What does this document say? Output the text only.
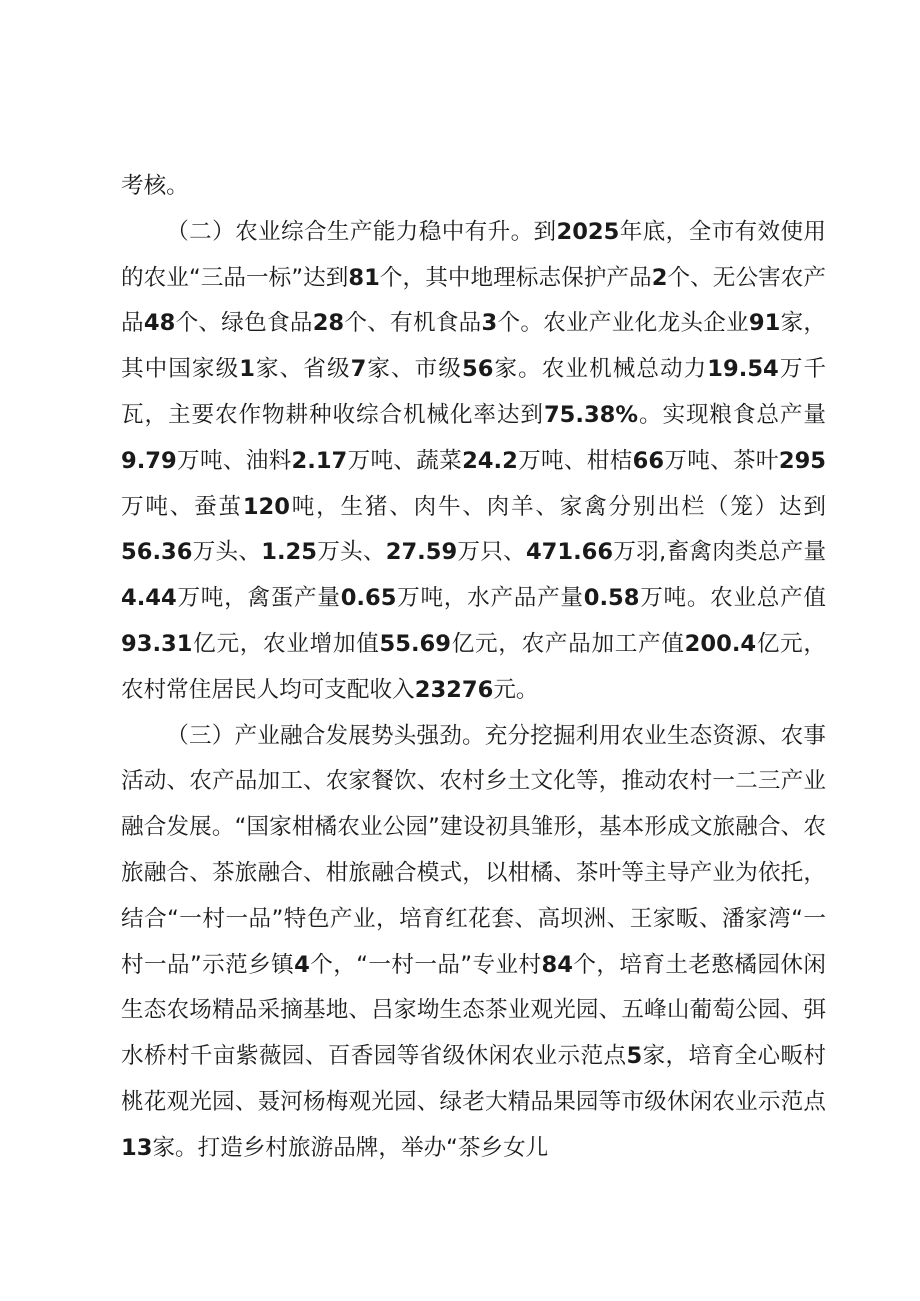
考核。

（二）农业综合生产能力稳中有升。到2025年底，全市有效使用的农业“三品一标”达到81个，其中地理标志保护产品2个、无公害农产品48个、绿色食品28个、有机食品3个。农业产业化龙头企业91家，其中国家级1家、省级7家、市级56家。农业机械总动力19.54万千瓦，主要农作物耕种收综合机械化率达到75.38%。实现粮食总产量9.79万吨、油料2.17万吨、蔬菜24.2万吨、柑桔66万吨、茶叶295万吨、蚕茧120吨，生猪、肉牛、肉羊、家禽分别出栏（笼）达到56.36万头、1.25万头、27.59万只、471.66万羽,畜禽肉类总产量4.44万吨，禽蛋产量0.65万吨，水产品产量0.58万吨。农业总产值93.31亿元，农业增加值55.69亿元，农产品加工产值200.4亿元，农村常住居民人均可支配收入23276元。

（三）产业融合发展势头强劲。充分挖掘利用农业生态资源、农事活动、农产品加工、农家餐饮、农村乡土文化等，推动农村一二三产业融合发展。“国家柑橘农业公园”建设初具雏形，基本形成文旅融合、农旅融合、茶旅融合、柑旅融合模式，以柑橘、茶叶等主导产业为依托，结合“一村一品”特色产业，培育红花套、高坝洲、王家畈、潘家湾“一村一品”示范乡镇4个，“一村一品”专业村84个，培育土老憨橘园休闲生态农场精品采摘基地、吕家坳生态茶业观光园、五峰山葡萄公园、弭水桥村千亩紫薇园、百香园等省级休闲农业示范点5家，培育全心畈村桃花观光园、聂河杨梅观光园、绿老大精品果园等市级休闲农业示范点13家。打造乡村旅游品牌，举办“茶乡女儿
